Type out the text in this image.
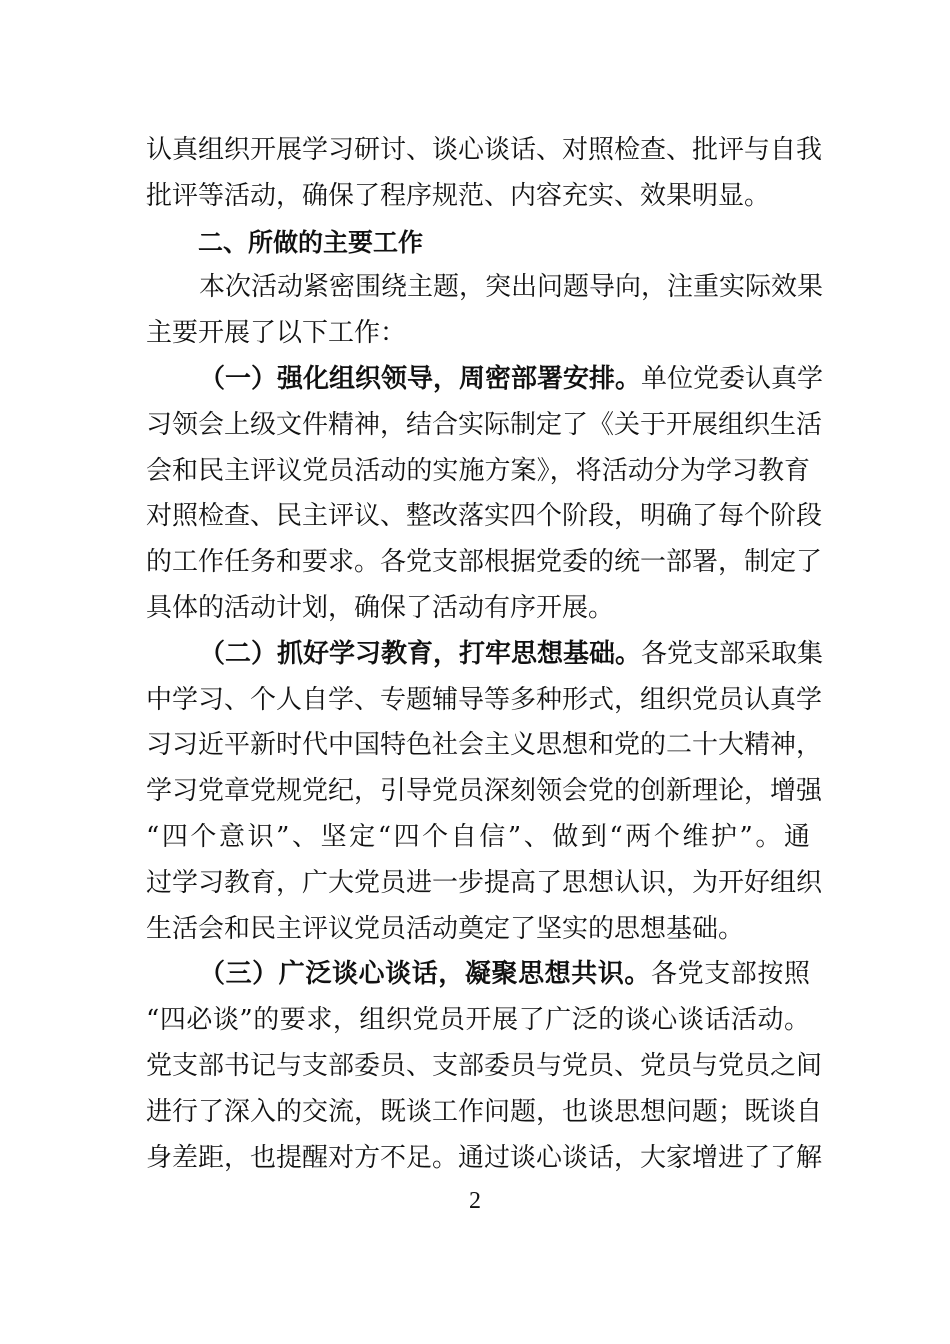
认真组织开展学习研讨、谈心谈话、对照检查、批评与自我
批评等活动，确保了程序规范、内容充实、效果明显。
二、所做的主要工作
本次活动紧密围绕主题，突出问题导向，注重实际效果
主要开展了以下工作：
（一）强化组织领导，周密部署安排。单位党委认真学
习领会上级文件精神，结合实际制定了《关于开展组织生活
会和民主评议党员活动的实施方案》，将活动分为学习教育
对照检查、民主评议、整改落实四个阶段，明确了每个阶段
的工作任务和要求。各党支部根据党委的统一部署，制定了
具体的活动计划，确保了活动有序开展。
（二）抓好学习教育，打牢思想基础。各党支部采取集
中学习、个人自学、专题辅导等多种形式，组织党员认真学
习习近平新时代中国特色社会主义思想和党的二十大精神，
学习党章党规党纪，引导党员深刻领会党的创新理论，增强
“四个意识”、坚定“四个自信”、做到“两个维护”。通
过学习教育，广大党员进一步提高了思想认识，为开好组织
生活会和民主评议党员活动奠定了坚实的思想基础。
（三）广泛谈心谈话，凝聚思想共识。各党支部按照
“四必谈”的要求，组织党员开展了广泛的谈心谈话活动。
党支部书记与支部委员、支部委员与党员、党员与党员之间
进行了深入的交流，既谈工作问题，也谈思想问题；既谈自
身差距，也提醒对方不足。通过谈心谈话，大家增进了了解
2
